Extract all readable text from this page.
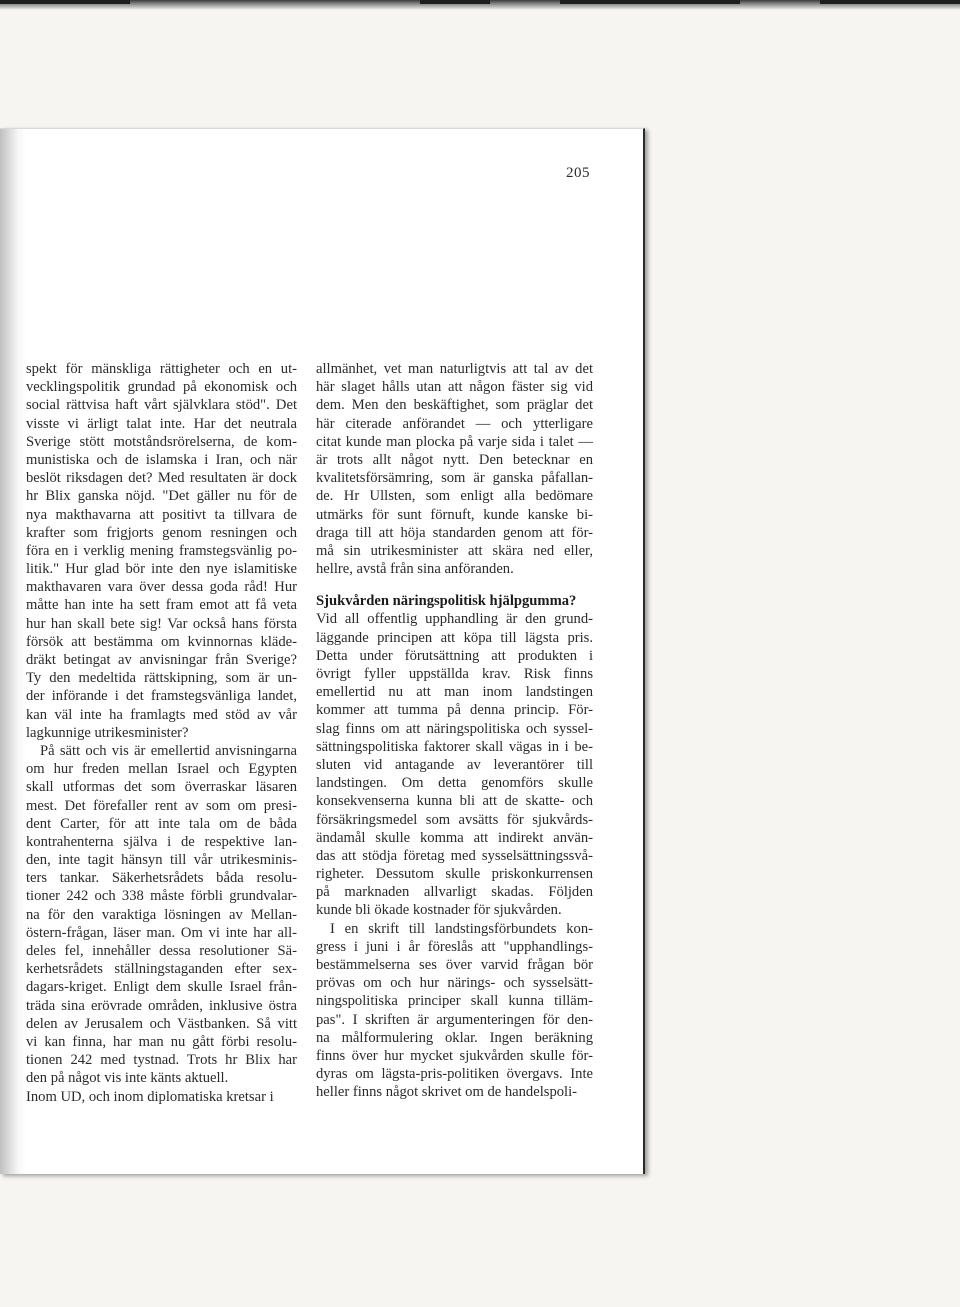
205
spekt för mänskliga rättigheter och en ut-
vecklingspolitik grundad på ekonomisk och
social rättvisa haft vårt självklara stöd". Det
visste vi ärligt talat inte. Har det neutrala
Sverige stött motståndsrörelserna, de kom-
munistiska och de islamska i Iran, och när
beslöt riksdagen det? Med resultaten är dock
hr Blix ganska nöjd. "Det gäller nu för de
nya makthavarna att positivt ta tillvara de
krafter som frigjorts genom resningen och
föra en i verklig mening framstegsvänlig po-
litik." Hur glad bör inte den nye islamitiske
makthavaren vara över dessa goda råd! Hur
måtte han inte ha sett fram emot att få veta
hur han skall bete sig! Var också hans första
försök att bestämma om kvinnornas kläde-
dräkt betingat av anvisningar från Sverige?
Ty den medeltida rättskipning, som är un-
der införande i det framstegsvänliga landet,
kan väl inte ha framlagts med stöd av vår
lagkunnige utrikesminister?
På sätt och vis är emellertid anvisningarna
om hur freden mellan Israel och Egypten
skall utformas det som överraskar läsaren
mest. Det förefaller rent av som om presi-
dent Carter, för att inte tala om de båda
kontrahenterna själva i de respektive lan-
den, inte tagit hänsyn till vår utrikesminis-
ters tankar. Säkerhetsrådets båda resolu-
tioner 242 och 338 måste förbli grundvalar-
na för den varaktiga lösningen av Mellan-
östern-frågan, läser man. Om vi inte har all-
deles fel, innehåller dessa resolutioner Sä-
kerhetsrådets ställningstaganden efter sex-
dagars-kriget. Enligt dem skulle Israel från-
träda sina erövrade områden, inklusive östra
delen av Jerusalem och Västbanken. Så vitt
vi kan finna, har man nu gått förbi resolu-
tionen 242 med tystnad. Trots hr Blix har
den på något vis inte känts aktuell.
Inom UD, och inom diplomatiska kretsar i
allmänhet, vet man naturligtvis att tal av det
här slaget hålls utan att någon fäster sig vid
dem. Men den beskäftighet, som präglar det
här citerade anförandet — och ytterligare
citat kunde man plocka på varje sida i talet —
är trots allt något nytt. Den betecknar en
kvalitetsförsämring, som är ganska påfallan-
de. Hr Ullsten, som enligt alla bedömare
utmärks för sunt förnuft, kunde kanske bi-
draga till att höja standarden genom att för-
må sin utrikesminister att skära ned eller,
hellre, avstå från sina anföranden.
Sjukvården näringspolitisk hjälpgumma?
Vid all offentlig upphandling är den grund-
läggande principen att köpa till lägsta pris.
Detta under förutsättning att produkten i
övrigt fyller uppställda krav. Risk finns
emellertid nu att man inom landstingen
kommer att tumma på denna princip. För-
slag finns om att näringspolitiska och syssel-
sättningspolitiska faktorer skall vägas in i be-
sluten vid antagande av leverantörer till
landstingen. Om detta genomförs skulle
konsekvenserna kunna bli att de skatte- och
försäkringsmedel som avsätts för sjukvårds-
ändamål skulle komma att indirekt använ-
das att stödja företag med sysselsättningssvå-
righeter. Dessutom skulle priskonkurrensen
på marknaden allvarligt skadas. Följden
kunde bli ökade kostnader för sjukvården.
I en skrift till landstingsförbundets kon-
gress i juni i år föreslås att "upphandlings-
bestämmelserna ses över varvid frågan bör
prövas om och hur närings- och sysselsätt-
ningspolitiska principer skall kunna tilläm-
pas". I skriften är argumenteringen för den-
na målformulering oklar. Ingen beräkning
finns över hur mycket sjukvården skulle för-
dyras om lägsta-pris-politiken övergavs. Inte
heller finns något skrivet om de handelspoli-
